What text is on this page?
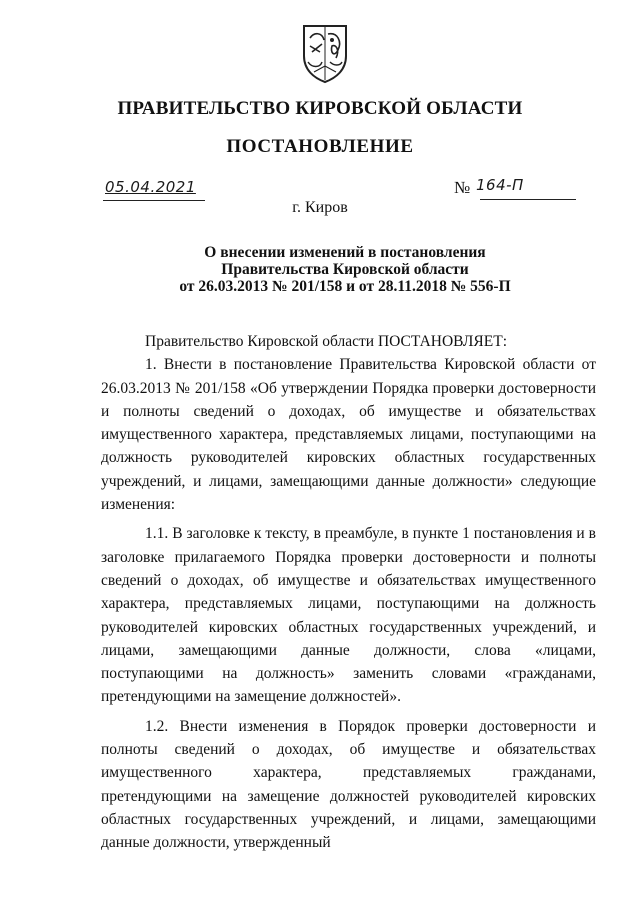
ПРАВИТЕЛЬСТВО КИРОВСКОЙ ОБЛАСТИ
ПОСТАНОВЛЕНИЕ
05.04.2021	№ 164-П
г. Киров
О внесении изменений в постановления
Правительства Кировской области
от 26.03.2013 № 201/158 и от 28.11.2018 № 556-П

Правительство Кировской области ПОСТАНОВЛЯЕТ:

1. Внести в постановление Правительства Кировской области от 26.03.2013 № 201/158 «Об утверждении Порядка проверки достоверности и полноты сведений о доходах, об имуществе и обязательствах имущественного характера, представляемых лицами, поступающими на должность руководителей кировских областных государственных учреждений, и лицами, замещающими данные должности» следующие изменения:

1.1. В заголовке к тексту, в преамбуле, в пункте 1 постановления и в заголовке прилагаемого Порядка проверки достоверности и полноты сведений о доходах, об имуществе и обязательствах имущественного характера, представляемых лицами, поступающими на должность руководителей кировских областных государственных учреждений, и лицами, замещающими данные должности, слова «лицами, поступающими на должность» заменить словами «гражданами, претендующими на замещение должностей».

1.2. Внести изменения в Порядок проверки достоверности и полноты сведений о доходах, об имуществе и обязательствах имущественного характера, представляемых гражданами, претендующими на замещение должностей руководителей кировских областных государственных учреждений, и лицами, замещающими данные должности, утвержденный
